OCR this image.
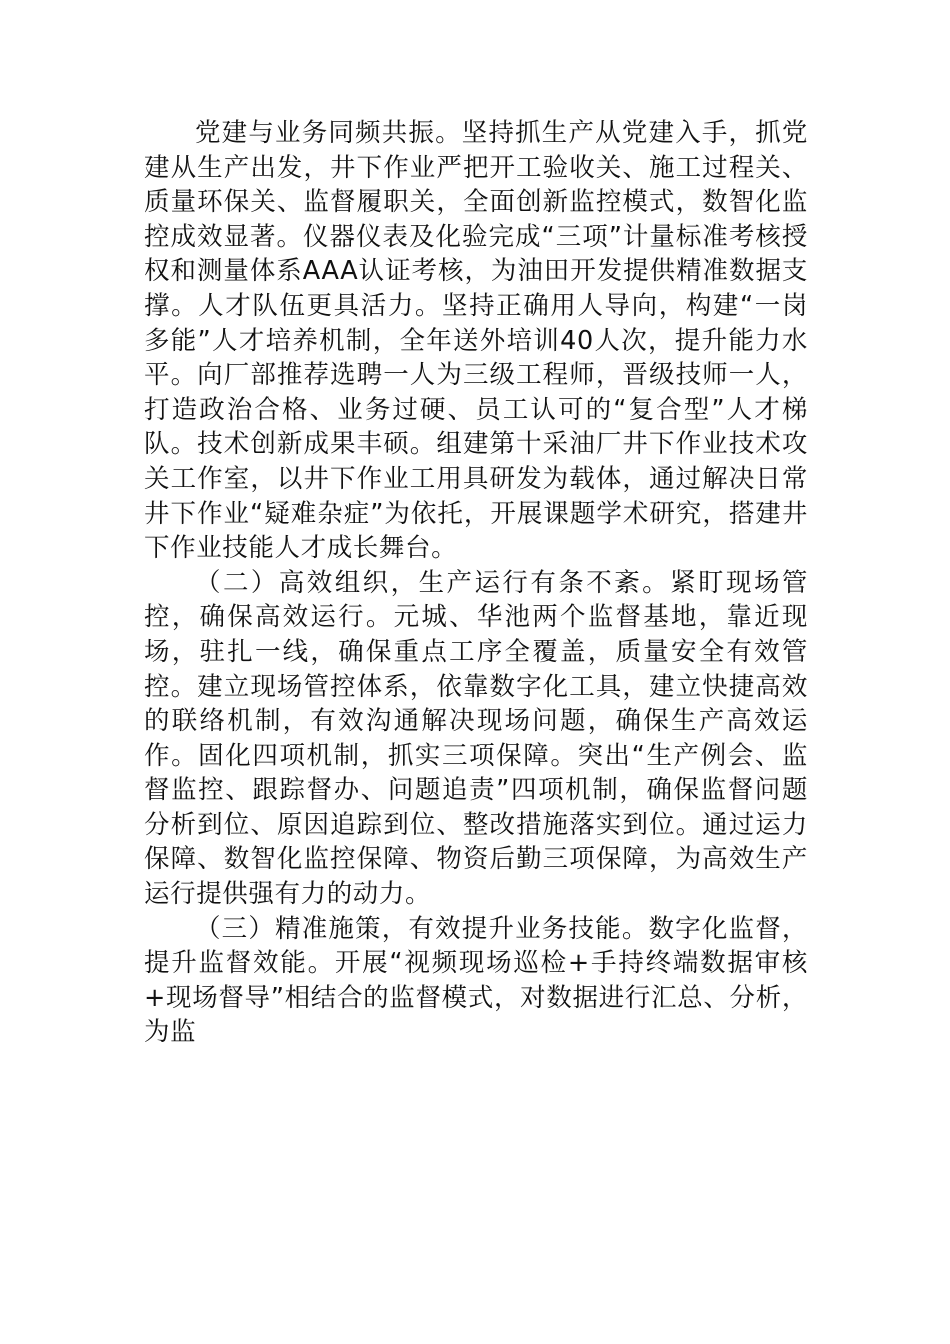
党建与业务同频共振。坚持抓生产从党建入手，抓党建从生产出发，井下作业严把开工验收关、施工过程关、质量环保关、监督履职关，全面创新监控模式，数智化监控成效显著。仪器仪表及化验完成“三项”计量标准考核授权和测量体系AAA认证考核，为油田开发提供精准数据支撑。人才队伍更具活力。坚持正确用人导向，构建“一岗多能”人才培养机制，全年送外培训40人次，提升能力水平。向厂部推荐选聘一人为三级工程师，晋级技师一人，打造政治合格、业务过硬、员工认可的“复合型”人才梯队。技术创新成果丰硕。组建第十采油厂井下作业技术攻关工作室，以井下作业工用具研发为载体，通过解决日常井下作业“疑难杂症”为依托，开展课题学术研究，搭建井下作业技能人才成长舞台。

（二）高效组织，生产运行有条不紊。紧盯现场管控，确保高效运行。元城、华池两个监督基地，靠近现场，驻扎一线，确保重点工序全覆盖，质量安全有效管控。建立现场管控体系，依靠数字化工具，建立快捷高效的联络机制，有效沟通解决现场问题，确保生产高效运作。固化四项机制，抓实三项保障。突出“生产例会、监督监控、跟踪督办、问题追责”四项机制，确保监督问题分析到位、原因追踪到位、整改措施落实到位。通过运力保障、数智化监控保障、物资后勤三项保障，为高效生产运行提供强有力的动力。

（三）精准施策，有效提升业务技能。数字化监督，提升监督效能。开展“视频现场巡检+手持终端数据审核+现场督导”相结合的监督模式，对数据进行汇总、分析，为监
